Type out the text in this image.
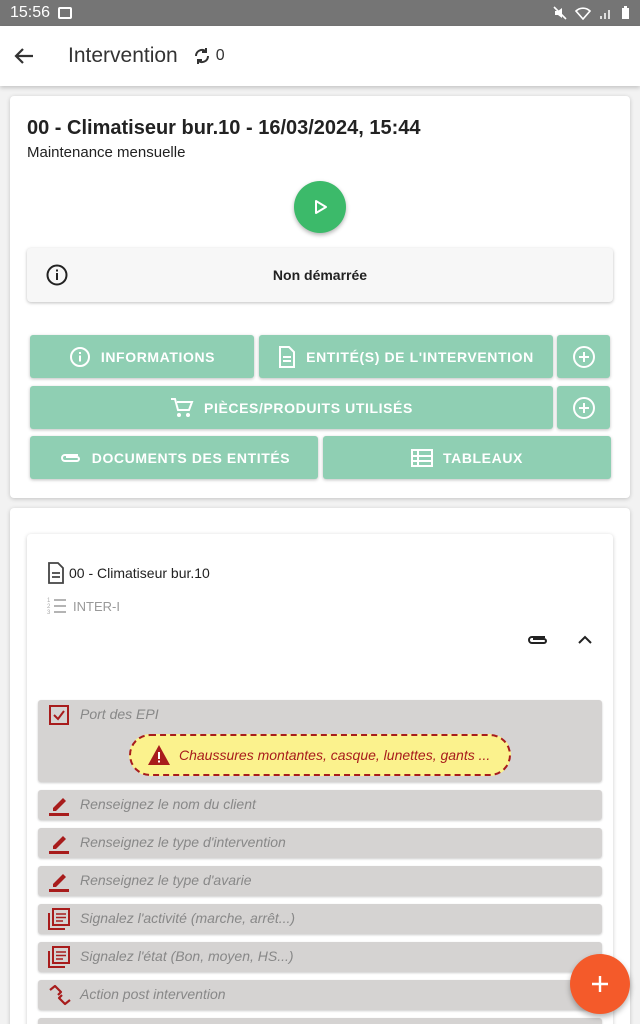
15:56
Intervention 0
00 - Climatiseur bur.10 - 16/03/2024, 15:44
Maintenance mensuelle
Non démarrée
INFORMATIONS	ENTITÉ(S) DE L'INTERVENTION
PIÈCES/PRODUITS UTILISÉS
DOCUMENTS DES ENTITÉS	TABLEAUX
00 - Climatiseur bur.10
1
2
3 INTER-I
Port des EPI
Chaussures montantes, casque, lunettes, gants ...
Renseignez le nom du client
Renseignez le type d'intervention
Renseignez le type d'avarie
Signalez l'activité (marche, arrêt...)
Signalez l'état (Bon, moyen, HS...)
Action post intervention
